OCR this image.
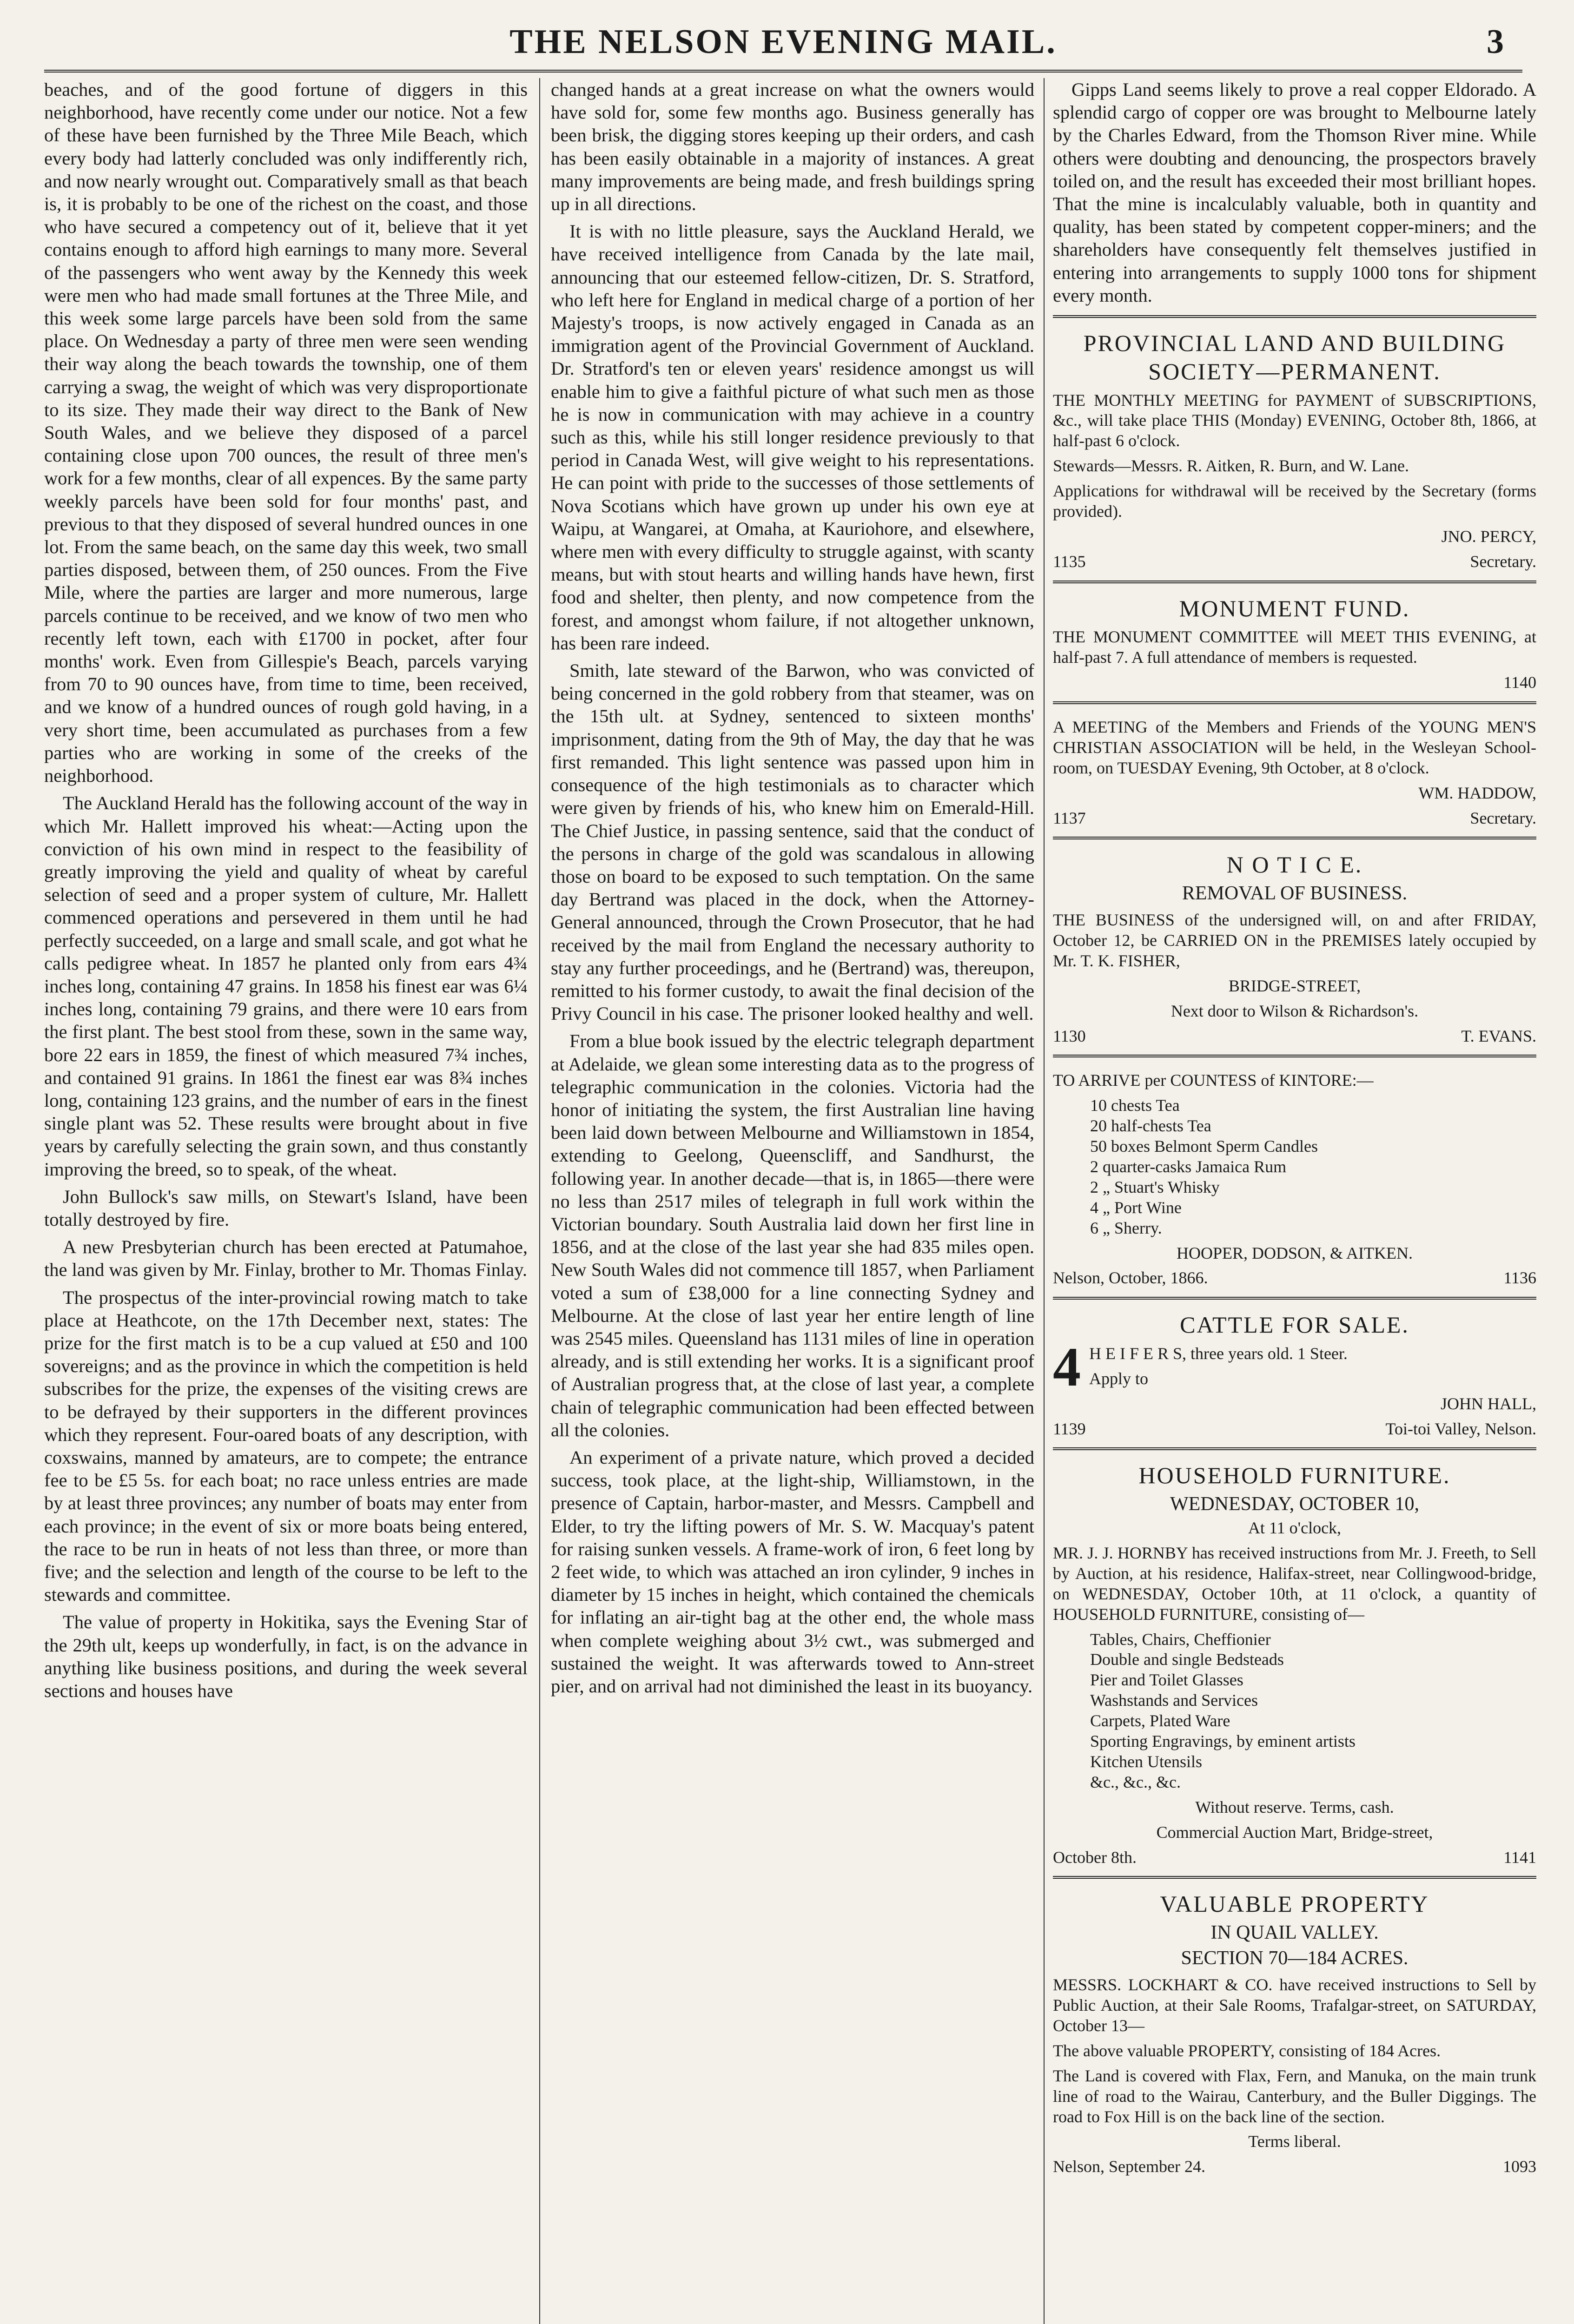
THE NELSON EVENING MAIL.	3

beaches, and of the good fortune of diggers in this neighborhood, have recently come under our notice. Not a few of these have been furnished by the Three Mile Beach, which every body had latterly concluded was only indifferently rich, and now nearly wrought out. Comparatively small as that beach is, it is probably to be one of the richest on the coast, and those who have secured a competency out of it, believe that it yet contains enough to afford high earnings to many more. Several of the passengers who went away by the Kennedy this week were men who had made small fortunes at the Three Mile, and this week some large parcels have been sold from the same place. On Wednesday a party of three men were seen wending their way along the beach towards the township, one of them carrying a swag, the weight of which was very disproportionate to its size. They made their way direct to the Bank of New South Wales, and we believe they disposed of a parcel containing close upon 700 ounces, the result of three men's work for a few months, clear of all expences. By the same party weekly parcels have been sold for four months' past, and previous to that they disposed of several hundred ounces in one lot. From the same beach, on the same day this week, two small parties disposed, between them, of 250 ounces. From the Five Mile, where the parties are larger and more numerous, large parcels continue to be received, and we know of two men who recently left town, each with £1700 in pocket, after four months' work. Even from Gillespie's Beach, parcels varying from 70 to 90 ounces have, from time to time, been received, and we know of a hundred ounces of rough gold having, in a very short time, been accumulated as purchases from a few parties who are working in some of the creeks of the neighborhood.

The Auckland Herald has the following account of the way in which Mr. Hallett improved his wheat:—Acting upon the conviction of his own mind in respect to the feasibility of greatly improving the yield and quality of wheat by careful selection of seed and a proper system of culture, Mr. Hallett commenced operations and persevered in them until he had perfectly succeeded, on a large and small scale, and got what he calls pedigree wheat. In 1857 he planted only from ears 4¾ inches long, containing 47 grains. In 1858 his finest ear was 6¼ inches long, containing 79 grains, and there were 10 ears from the first plant. The best stool from these, sown in the same way, bore 22 ears in 1859, the finest of which measured 7¾ inches, and contained 91 grains. In 1861 the finest ear was 8¾ inches long, containing 123 grains, and the number of ears in the finest single plant was 52. These results were brought about in five years by carefully selecting the grain sown, and thus constantly improving the breed, so to speak, of the wheat.

John Bullock's saw mills, on Stewart's Island, have been totally destroyed by fire.

A new Presbyterian church has been erected at Patumahoe, the land was given by Mr. Finlay, brother to Mr. Thomas Finlay.

The prospectus of the inter-provincial rowing match to take place at Heathcote, on the 17th December next, states: The prize for the first match is to be a cup valued at £50 and 100 sovereigns; and as the province in which the competition is held subscribes for the prize, the expenses of the visiting crews are to be defrayed by their supporters in the different provinces which they represent. Four-oared boats of any description, with coxswains, manned by amateurs, are to compete; the entrance fee to be £5 5s. for each boat; no race unless entries are made by at least three provinces; any number of boats may enter from each province; in the event of six or more boats being entered, the race to be run in heats of not less than three, or more than five; and the selection and length of the course to be left to the stewards and committee.

The value of property in Hokitika, says the Evening Star of the 29th ult, keeps up wonderfully, in fact, is on the advance in anything like business positions, and during the week several sections and houses have

changed hands at a great increase on what the owners would have sold for, some few months ago. Business generally has been brisk, the digging stores keeping up their orders, and cash has been easily obtainable in a majority of instances. A great many improvements are being made, and fresh buildings spring up in all directions.

It is with no little pleasure, says the Auckland Herald, we have received intelligence from Canada by the late mail, announcing that our esteemed fellow-citizen, Dr. S. Stratford, who left here for England in medical charge of a portion of her Majesty's troops, is now actively engaged in Canada as an immigration agent of the Provincial Government of Auckland. Dr. Stratford's ten or eleven years' residence amongst us will enable him to give a faithful picture of what such men as those he is now in communication with may achieve in a country such as this, while his still longer residence previously to that period in Canada West, will give weight to his representations. He can point with pride to the successes of those settlements of Nova Scotians which have grown up under his own eye at Waipu, at Wangarei, at Omaha, at Kauriohore, and elsewhere, where men with every difficulty to struggle against, with scanty means, but with stout hearts and willing hands have hewn, first food and shelter, then plenty, and now competence from the forest, and amongst whom failure, if not altogether unknown, has been rare indeed.

Smith, late steward of the Barwon, who was convicted of being concerned in the gold robbery from that steamer, was on the 15th ult. at Sydney, sentenced to sixteen months' imprisonment, dating from the 9th of May, the day that he was first remanded. This light sentence was passed upon him in consequence of the high testimonials as to character which were given by friends of his, who knew him on Emerald-Hill. The Chief Justice, in passing sentence, said that the conduct of the persons in charge of the gold was scandalous in allowing those on board to be exposed to such temptation. On the same day Bertrand was placed in the dock, when the Attorney-General announced, through the Crown Prosecutor, that he had received by the mail from England the necessary authority to stay any further proceedings, and he (Bertrand) was, thereupon, remitted to his former custody, to await the final decision of the Privy Council in his case. The prisoner looked healthy and well.

From a blue book issued by the electric telegraph department at Adelaide, we glean some interesting data as to the progress of telegraphic communication in the colonies. Victoria had the honor of initiating the system, the first Australian line having been laid down between Melbourne and Williamstown in 1854, extending to Geelong, Queenscliff, and Sandhurst, the following year. In another decade—that is, in 1865—there were no less than 2517 miles of telegraph in full work within the Victorian boundary. South Australia laid down her first line in 1856, and at the close of the last year she had 835 miles open. New South Wales did not commence till 1857, when Parliament voted a sum of £38,000 for a line connecting Sydney and Melbourne. At the close of last year her entire length of line was 2545 miles. Queensland has 1131 miles of line in operation already, and is still extending her works. It is a significant proof of Australian progress that, at the close of last year, a complete chain of telegraphic communication had been effected between all the colonies.

An experiment of a private nature, which proved a decided success, took place, at the light-ship, Williamstown, in the presence of Captain, harbor-master, and Messrs. Campbell and Elder, to try the lifting powers of Mr. S. W. Macquay's patent for raising sunken vessels. A frame-work of iron, 6 feet long by 2 feet wide, to which was attached an iron cylinder, 9 inches in diameter by 15 inches in height, which contained the chemicals for inflating an air-tight bag at the other end, the whole mass when complete weighing about 3½ cwt., was submerged and sustained the weight. It was afterwards towed to Ann-street pier, and on arrival had not diminished the least in its buoyancy.

Gipps Land seems likely to prove a real copper Eldorado. A splendid cargo of copper ore was brought to Melbourne lately by the Charles Edward, from the Thomson River mine. While others were doubting and denouncing, the prospectors bravely toiled on, and the result has exceeded their most brilliant hopes. That the mine is incalculably valuable, both in quantity and quality, has been stated by competent copper-miners; and the shareholders have consequently felt themselves justified in entering into arrangements to supply 1000 tons for shipment every month.

PROVINCIAL LAND AND BUILDING SOCIETY—PERMANENT.
THE MONTHLY MEETING for PAYMENT of SUBSCRIPTIONS, &c., will take place THIS (Monday) EVENING, October 8th, 1866, at half-past 6 o'clock.
Stewards—Messrs. R. Aitken, R. Burn, and W. Lane.
Applications for withdrawal will be received by the Secretary (forms provided).
JNO. PERCY,
1135	Secretary.
MONUMENT FUND.
THE MONUMENT COMMITTEE will MEET THIS EVENING, at half-past 7. A full attendance of members is requested.
1140
A MEETING of the Members and Friends of the YOUNG MEN'S CHRISTIAN ASSOCIATION will be held, in the Wesleyan School-room, on TUESDAY Evening, 9th October, at 8 o'clock.
WM. HADDOW,
1137	Secretary.
N O T I C E.
REMOVAL OF BUSINESS.
THE BUSINESS of the undersigned will, on and after FRIDAY, October 12, be CARRIED ON in the PREMISES lately occupied by Mr. T. K. FISHER,
BRIDGE-STREET,
Next door to Wilson & Richardson's.
1130	T. EVANS.
TO ARRIVE per COUNTESS of KINTORE:—
10 chests Tea
20 half-chests Tea
50 boxes Belmont Sperm Candles
2 quarter-casks Jamaica Rum
2 „ Stuart's Whisky
4 „ Port Wine
6 „ Sherry.
HOOPER, DODSON, & AITKEN.
Nelson, October, 1866.	1136
CATTLE FOR SALE.
4 H E I F E R S, three years old. 1 Steer.
Apply to
JOHN HALL,
1139	Toi-toi Valley, Nelson.
HOUSEHOLD FURNITURE.
WEDNESDAY, OCTOBER 10,
At 11 o'clock,
MR. J. J. HORNBY has received instructions from Mr. J. Freeth, to Sell by Auction, at his residence, Halifax-street, near Collingwood-bridge, on WEDNESDAY, October 10th, at 11 o'clock, a quantity of HOUSEHOLD FURNITURE, consisting of—
Tables, Chairs, Cheffionier
Double and single Bedsteads
Pier and Toilet Glasses
Washstands and Services
Carpets, Plated Ware
Sporting Engravings, by eminent artists
Kitchen Utensils
&c., &c., &c.
Without reserve. Terms, cash.
Commercial Auction Mart, Bridge-street,
October 8th.	1141
VALUABLE PROPERTY
IN QUAIL VALLEY.
SECTION 70—184 ACRES.
MESSRS. LOCKHART & CO. have received instructions to Sell by Public Auction, at their Sale Rooms, Trafalgar-street, on SATURDAY, October 13—
The above valuable PROPERTY, consisting of 184 Acres.
The Land is covered with Flax, Fern, and Manuka, on the main trunk line of road to the Wairau, Canterbury, and the Buller Diggings. The road to Fox Hill is on the back line of the section.
Terms liberal.
Nelson, September 24.	1093
